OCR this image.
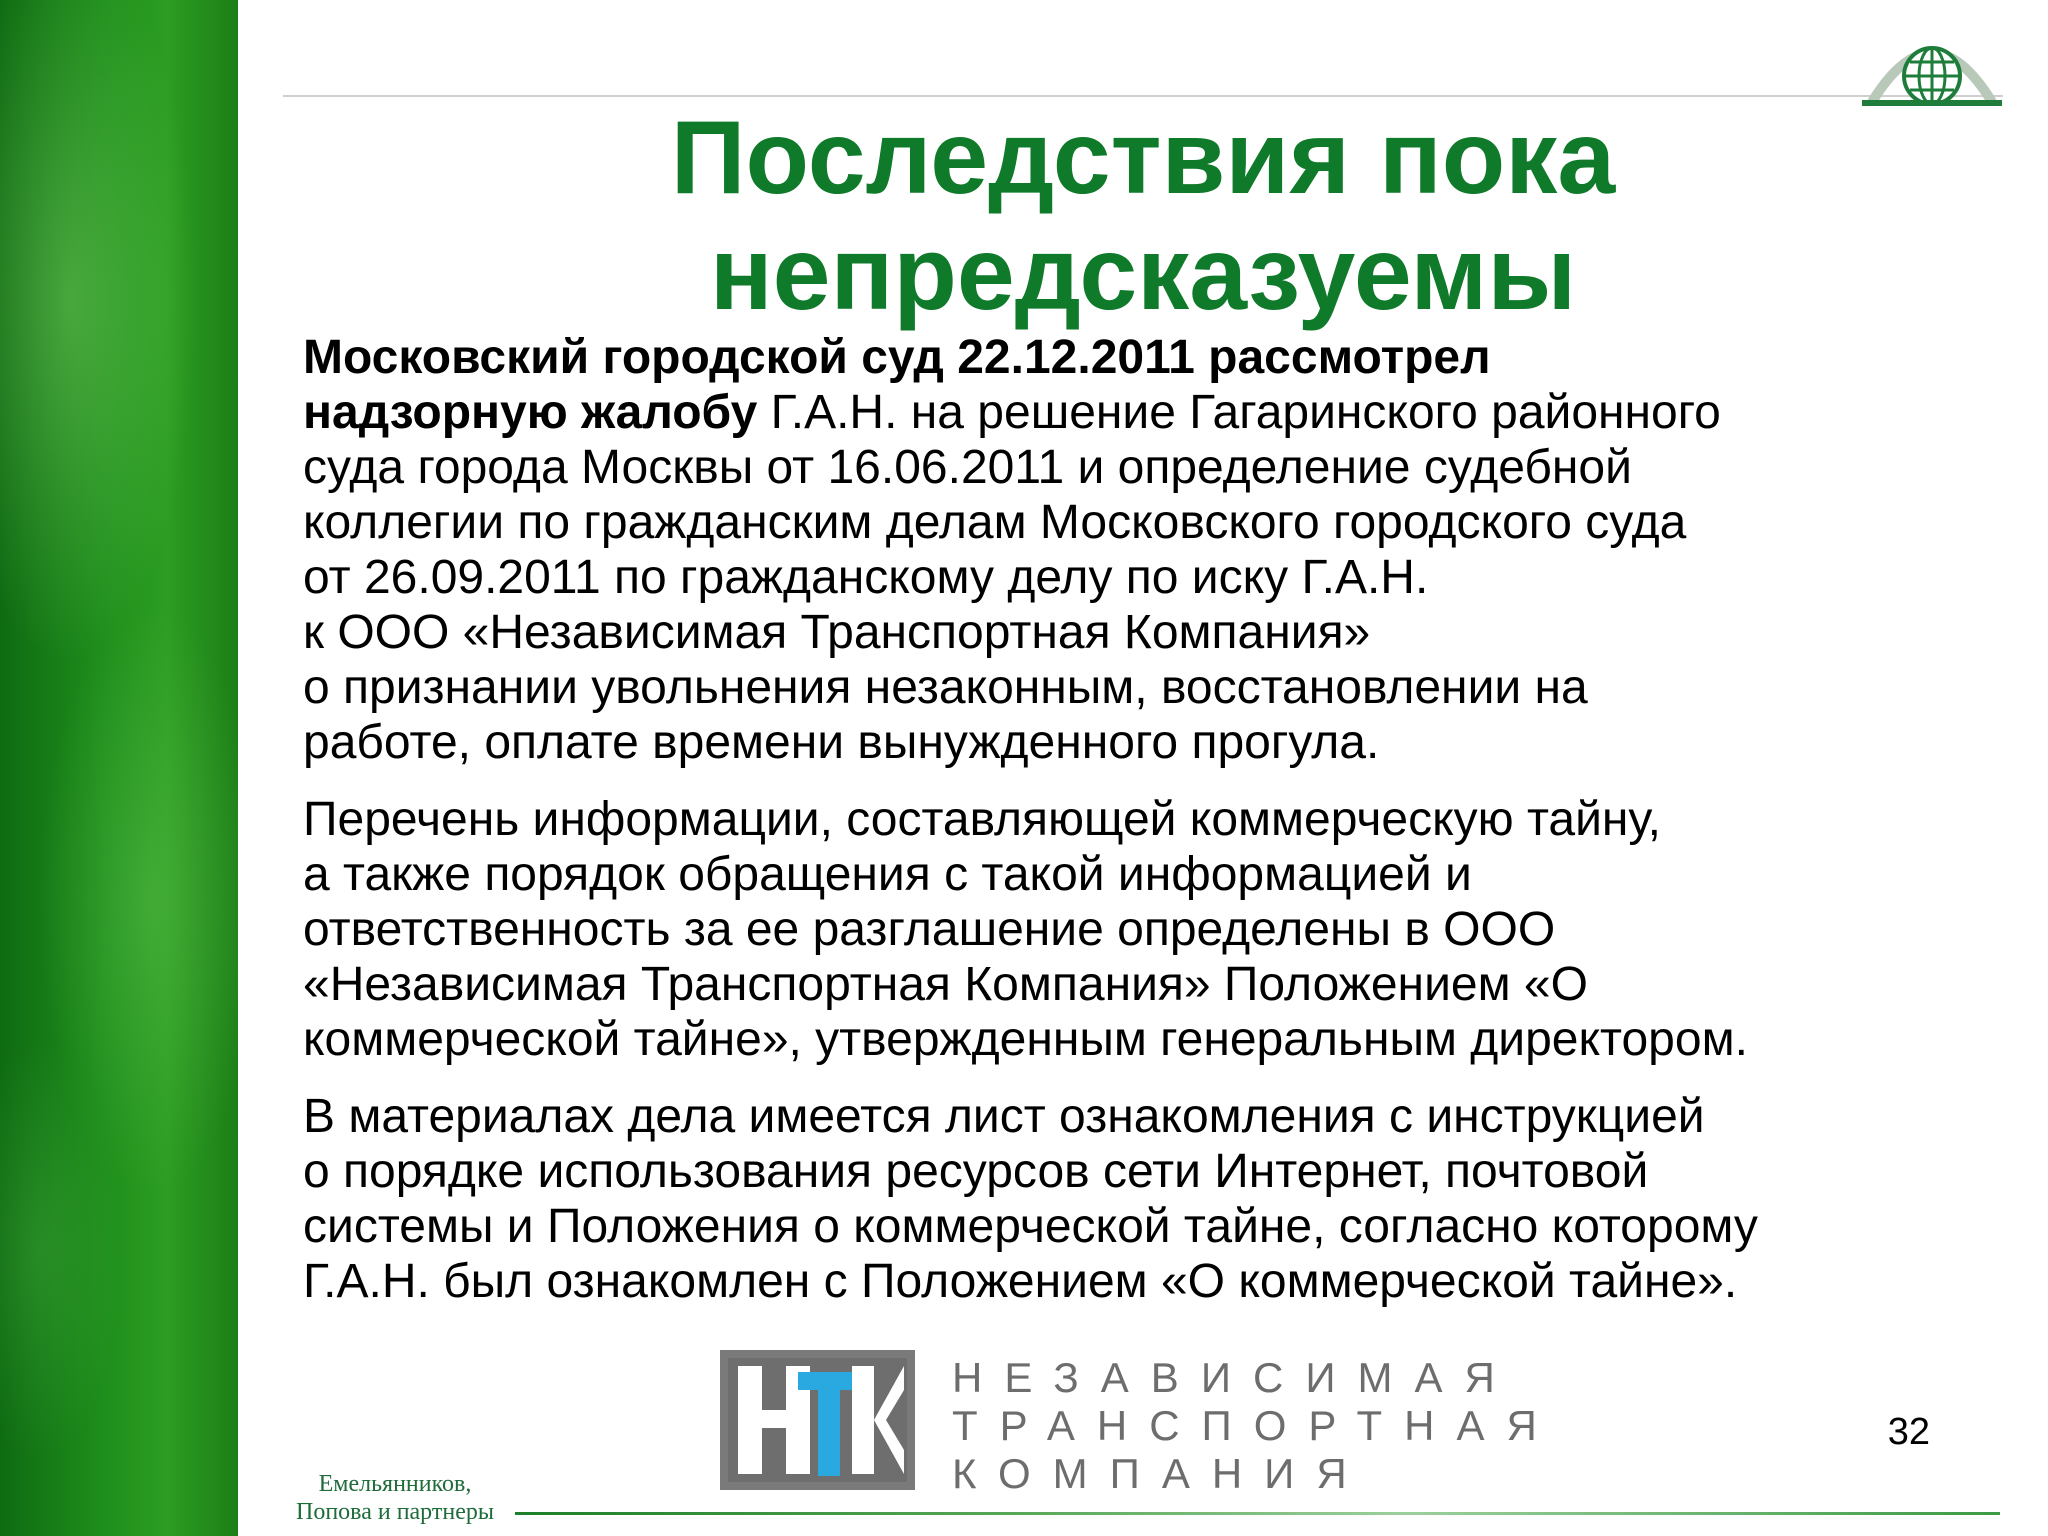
Последствия пока
непредсказуемы

Московский городской суд 22.12.2011 рассмотрел
надзорную жалобу Г.А.Н. на решение Гагаринского районного
суда города Москвы от 16.06.2011 и определение судебной
коллегии по гражданским делам Московского городского суда
от 26.09.2011 по гражданскому делу по иску Г.А.Н.
к ООО «Независимая Транспортная Компания»
о признании увольнения незаконным, восстановлении на
работе, оплате времени вынужденного прогула.

Перечень информации, составляющей коммерческую тайну,
а также порядок обращения с такой информацией и
ответственность за ее разглашение определены в ООО
«Независимая Транспортная Компания» Положением «О
коммерческой тайне», утвержденным генеральным директором.

В материалах дела имеется лист ознакомления с инструкцией
о порядке использования ресурсов сети Интернет, почтовой
системы и Положения о коммерческой тайне, согласно которому
Г.А.Н. был ознакомлен с Положением «О коммерческой тайне».

НЕЗАВИСИМАЯ
ТРАНСПОРТНАЯ
КОМПАНИЯ
32
Емельянников,
Попова и партнеры
